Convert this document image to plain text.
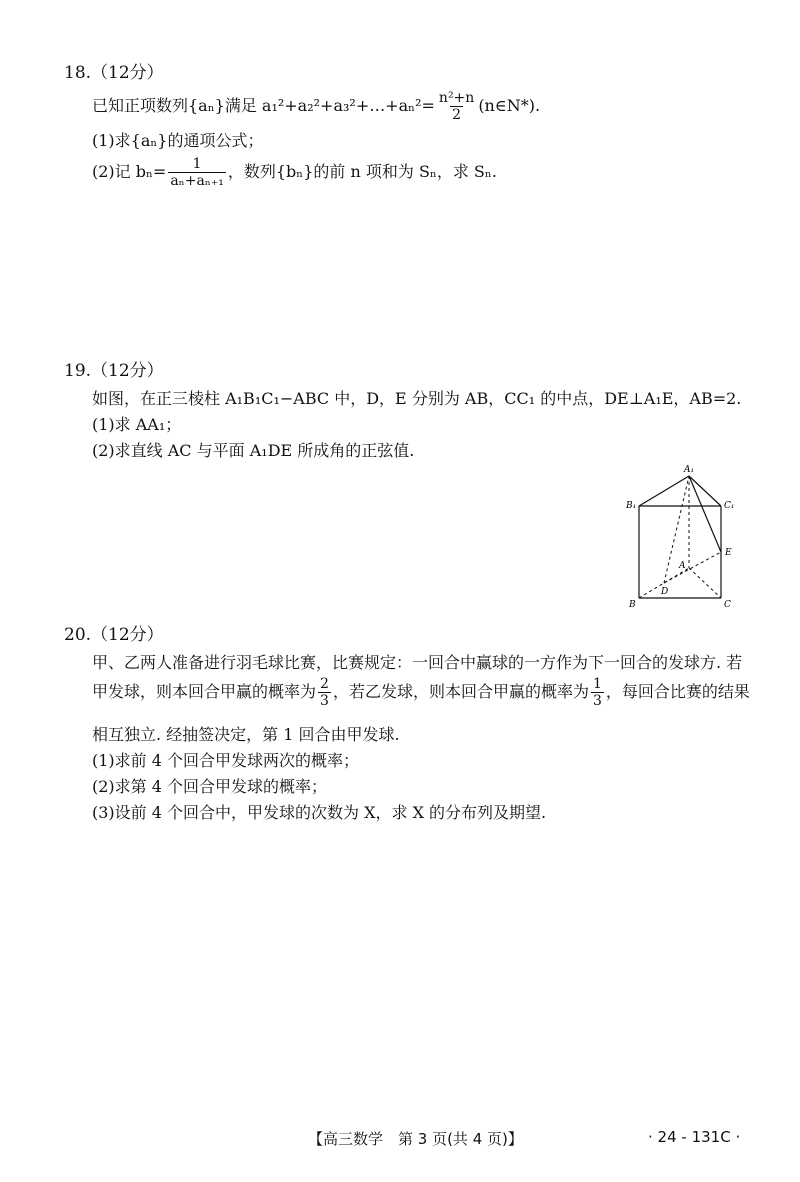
18.（12分）
已知正项数列{aₙ}满足 a₁²+a₂²+a₃²+…+aₙ²= $\frac{\text{n²+n}}{2}$ (n∈N*).
(1)求{aₙ}的通项公式；
(2)记 $b_n= \frac{1}{\text{aₙ+aₙ₊₁}}$ ，数列{bₙ}的前 n 项和为 Sₙ，求 Sₙ.
19.（12分）
如图，在正三棱柱 A₁B₁C₁−ABC 中，D，E 分别为 AB，CC₁ 的中点，DE⊥A₁E，AB=2.
(1)求 AA₁；
(2)求直线 AC 与平面 A₁DE 所成角的正弦值.
A₁
B₁	C₁
A
B	C
D
E
20.（12分）
甲、乙两人准备进行羽毛球比赛，比赛规定：一回合中赢球的一方作为下一回合的发球方. 若
甲发球，则本回合甲赢的概率为 $\frac{2}{3}$ ，若乙发球，则本回合甲赢的概率为 $\frac{1}{3}$ ，每回合比赛的结果
相互独立. 经抽签决定，第 1 回合由甲发球.
(1)求前 4 个回合甲发球两次的概率；
(2)求第 4 个回合甲发球的概率；
(3)设前 4 个回合中，甲发球的次数为 X，求 X 的分布列及期望.
【高三数学　第 3 页(共 4 页)】	· 24 - 131C ·
